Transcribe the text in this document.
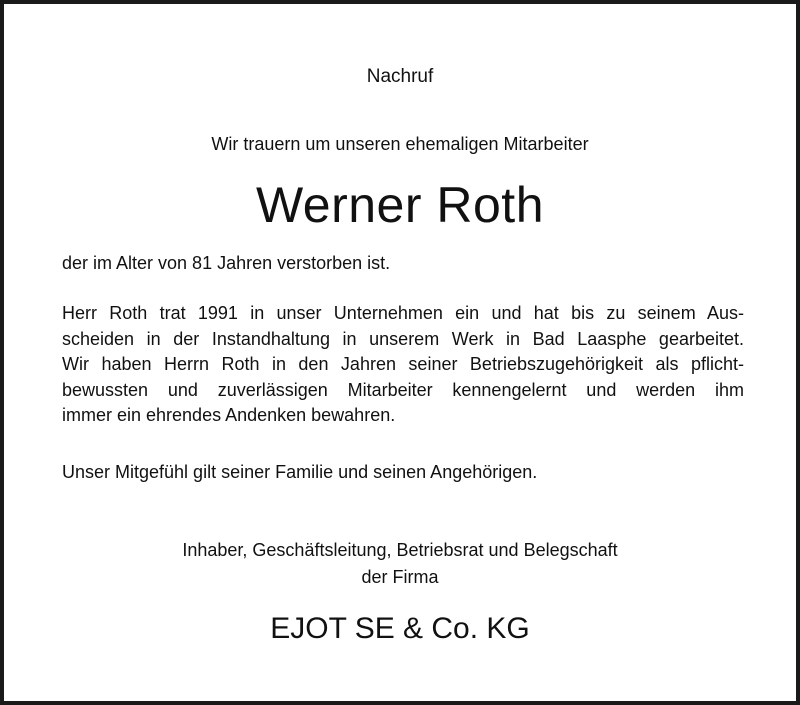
Nachruf

Wir trauern um unseren ehemaligen Mitarbeiter

Werner Roth

der im Alter von 81 Jahren verstorben ist.

Herr Roth trat 1991 in unser Unternehmen ein und hat bis zu seinem Aus-
scheiden in der Instandhaltung in unserem Werk in Bad Laasphe gearbeitet.
Wir haben Herrn Roth in den Jahren seiner Betriebszugehörigkeit als pflicht-
bewussten und zuverlässigen Mitarbeiter kennengelernt und werden ihm
immer ein ehrendes Andenken bewahren.
Unser Mitgefühl gilt seiner Familie und seinen Angehörigen.

Inhaber, Geschäftsleitung, Betriebsrat und Belegschaft

der Firma

EJOT SE & Co. KG
